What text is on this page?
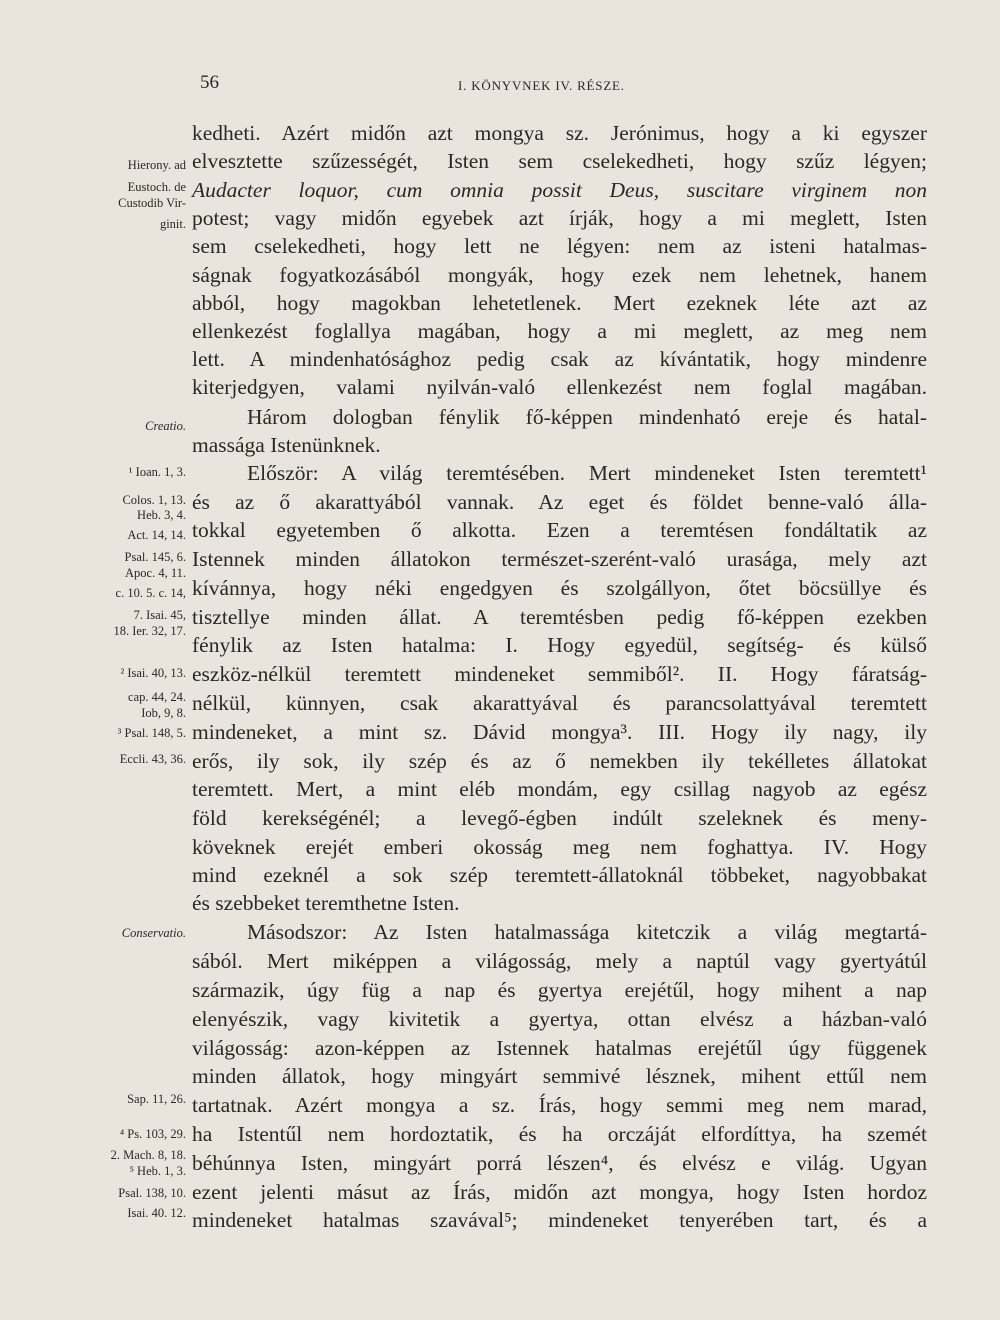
56	I. KÖNYVNEK IV. RÉSZE.
kedheti. Azért midőn azt mongya sz. Jerónimus, hogy a ki egyszer
elvesztette szűzességét, Isten sem cselekedheti, hogy szűz légyen;
Audacter loquor, cum omnia possit Deus, suscitare virginem non
potest; vagy midőn egyebek azt írják, hogy a mi meglett, Isten
sem cselekedheti, hogy lett ne légyen: nem az isteni hatalmas-
ságnak fogyatkozásából mongyák, hogy ezek nem lehetnek, hanem
abból, hogy magokban lehetetlenek. Mert ezeknek léte azt az
ellenkezést foglallya magában, hogy a mi meglett, az meg nem
lett. A mindenhatósághoz pedig csak az kívántatik, hogy mindenre
kiterjedgyen, valami nyilván-való ellenkezést nem foglal magában.
Három dologban fénylik fő-képpen mindenható ereje és hatal-
massága Istenünknek.
Először: A világ teremtésében. Mert mindeneket Isten teremtett¹
és az ő akarattyából vannak. Az eget és földet benne-való álla-
tokkal egyetemben ő alkotta. Ezen a teremtésen fondáltatik az
Istennek minden állatokon természet-szerént-való urasága, mely azt
kívánnya, hogy néki engedgyen és szolgállyon, őtet böcsüllye és
tisztellye minden állat. A teremtésben pedig fő-képpen ezekben
fénylik az Isten hatalma: I. Hogy egyedül, segítség- és külső
eszköz-nélkül teremtett mindeneket semmiből². II. Hogy fáratság-
nélkül, künnyen, csak akarattyával és parancsolattyával teremtett
mindeneket, a mint sz. Dávid mongya³. III. Hogy ily nagy, ily
erős, ily sok, ily szép és az ő nemekben ily tekélletes állatokat
teremtett. Mert, a mint eléb mondám, egy csillag nagyob az egész
föld kerekségénél; a levegő-égben indúlt szeleknek és meny-
köveknek erejét emberi okosság meg nem foghattya. IV. Hogy
mind ezeknél a sok szép teremtett-állatoknál többeket, nagyobbakat
és szebbeket teremthetne Isten.
Másodszor: Az Isten hatalmassága kitetczik a világ megtartá-
sából. Mert miképpen a világosság, mely a naptúl vagy gyertyátúl
származik, úgy füg a nap és gyertya erejétűl, hogy mihent a nap
elenyészik, vagy kivitetik a gyertya, ottan elvész a házban-való
világosság: azon-képpen az Istennek hatalmas erejétűl úgy függenek
minden állatok, hogy mingyárt semmivé lésznek, mihent ettűl nem
tartatnak. Azért mongya a sz. Írás, hogy semmi meg nem marad,
ha Istentűl nem hordoztatik, és ha orczáját elfordíttya, ha szemét
béhúnnya Isten, mingyárt porrá lészen⁴, és elvész e világ. Ugyan
ezent jelenti másut az Írás, midőn azt mongya, hogy Isten hordoz
mindeneket hatalmas szavával⁵; mindeneket tenyerében tart, és a
Hierony. ad
Eustoch. de
Custodib Vir-
ginit.
Creatio.
¹ Ioan. 1, 3.
Colos. 1, 13.
Heb. 3, 4.
Act. 14, 14.
Psal. 145, 6.
Apoc. 4, 11.
c. 10. 5. c. 14,
7. Isai. 45,
18. Ier. 32, 17.
² Isai. 40, 13.
cap. 44, 24.
Iob, 9, 8.
³ Psal. 148, 5.
Eccli. 43, 36.
Conservatio.
Sap. 11, 26.
⁴ Ps. 103, 29.
2. Mach. 8, 18.
⁵ Heb. 1, 3.
Psal. 138, 10.
Isai. 40. 12.
